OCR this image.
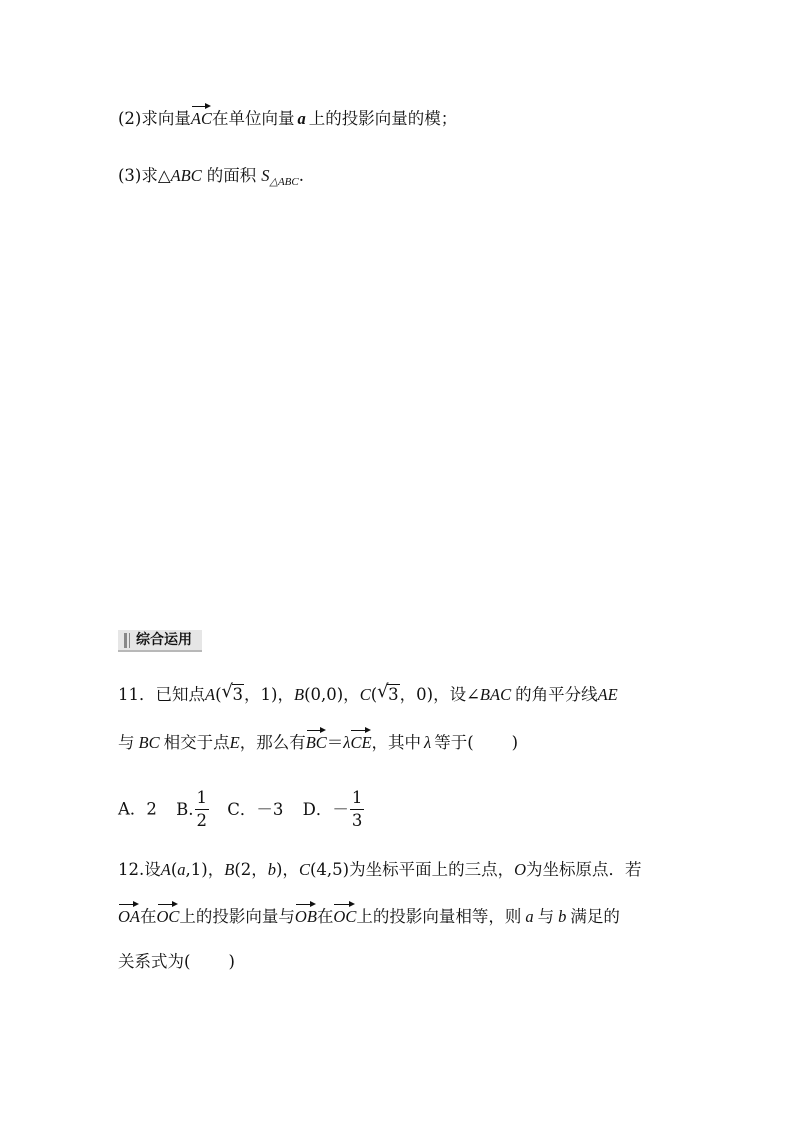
(2)求向量AC在单位向量 a 上的投影向量的模；
(3)求△ABC 的面积 $S_{\triangle ABC}$.
综合运用
11．已知点A( √ 3，1)，B(0,0)，C( √ 3，0)，设∠BAC 的角平分线AE
与 BC 相交于点E，那么有BC＝λCE，其中 λ 等于( )
A．2 B. $\frac{1}{2}$ C．－3 D．－ $\frac{1}{3}$
12.设A(a,1)，B(2，b)，C(4,5)为坐标平面上的三点，O为坐标原点．若
OA在OC上的投影向量与OB在OC上的投影向量相等，则 a 与 b 满足的
关系式为( )
